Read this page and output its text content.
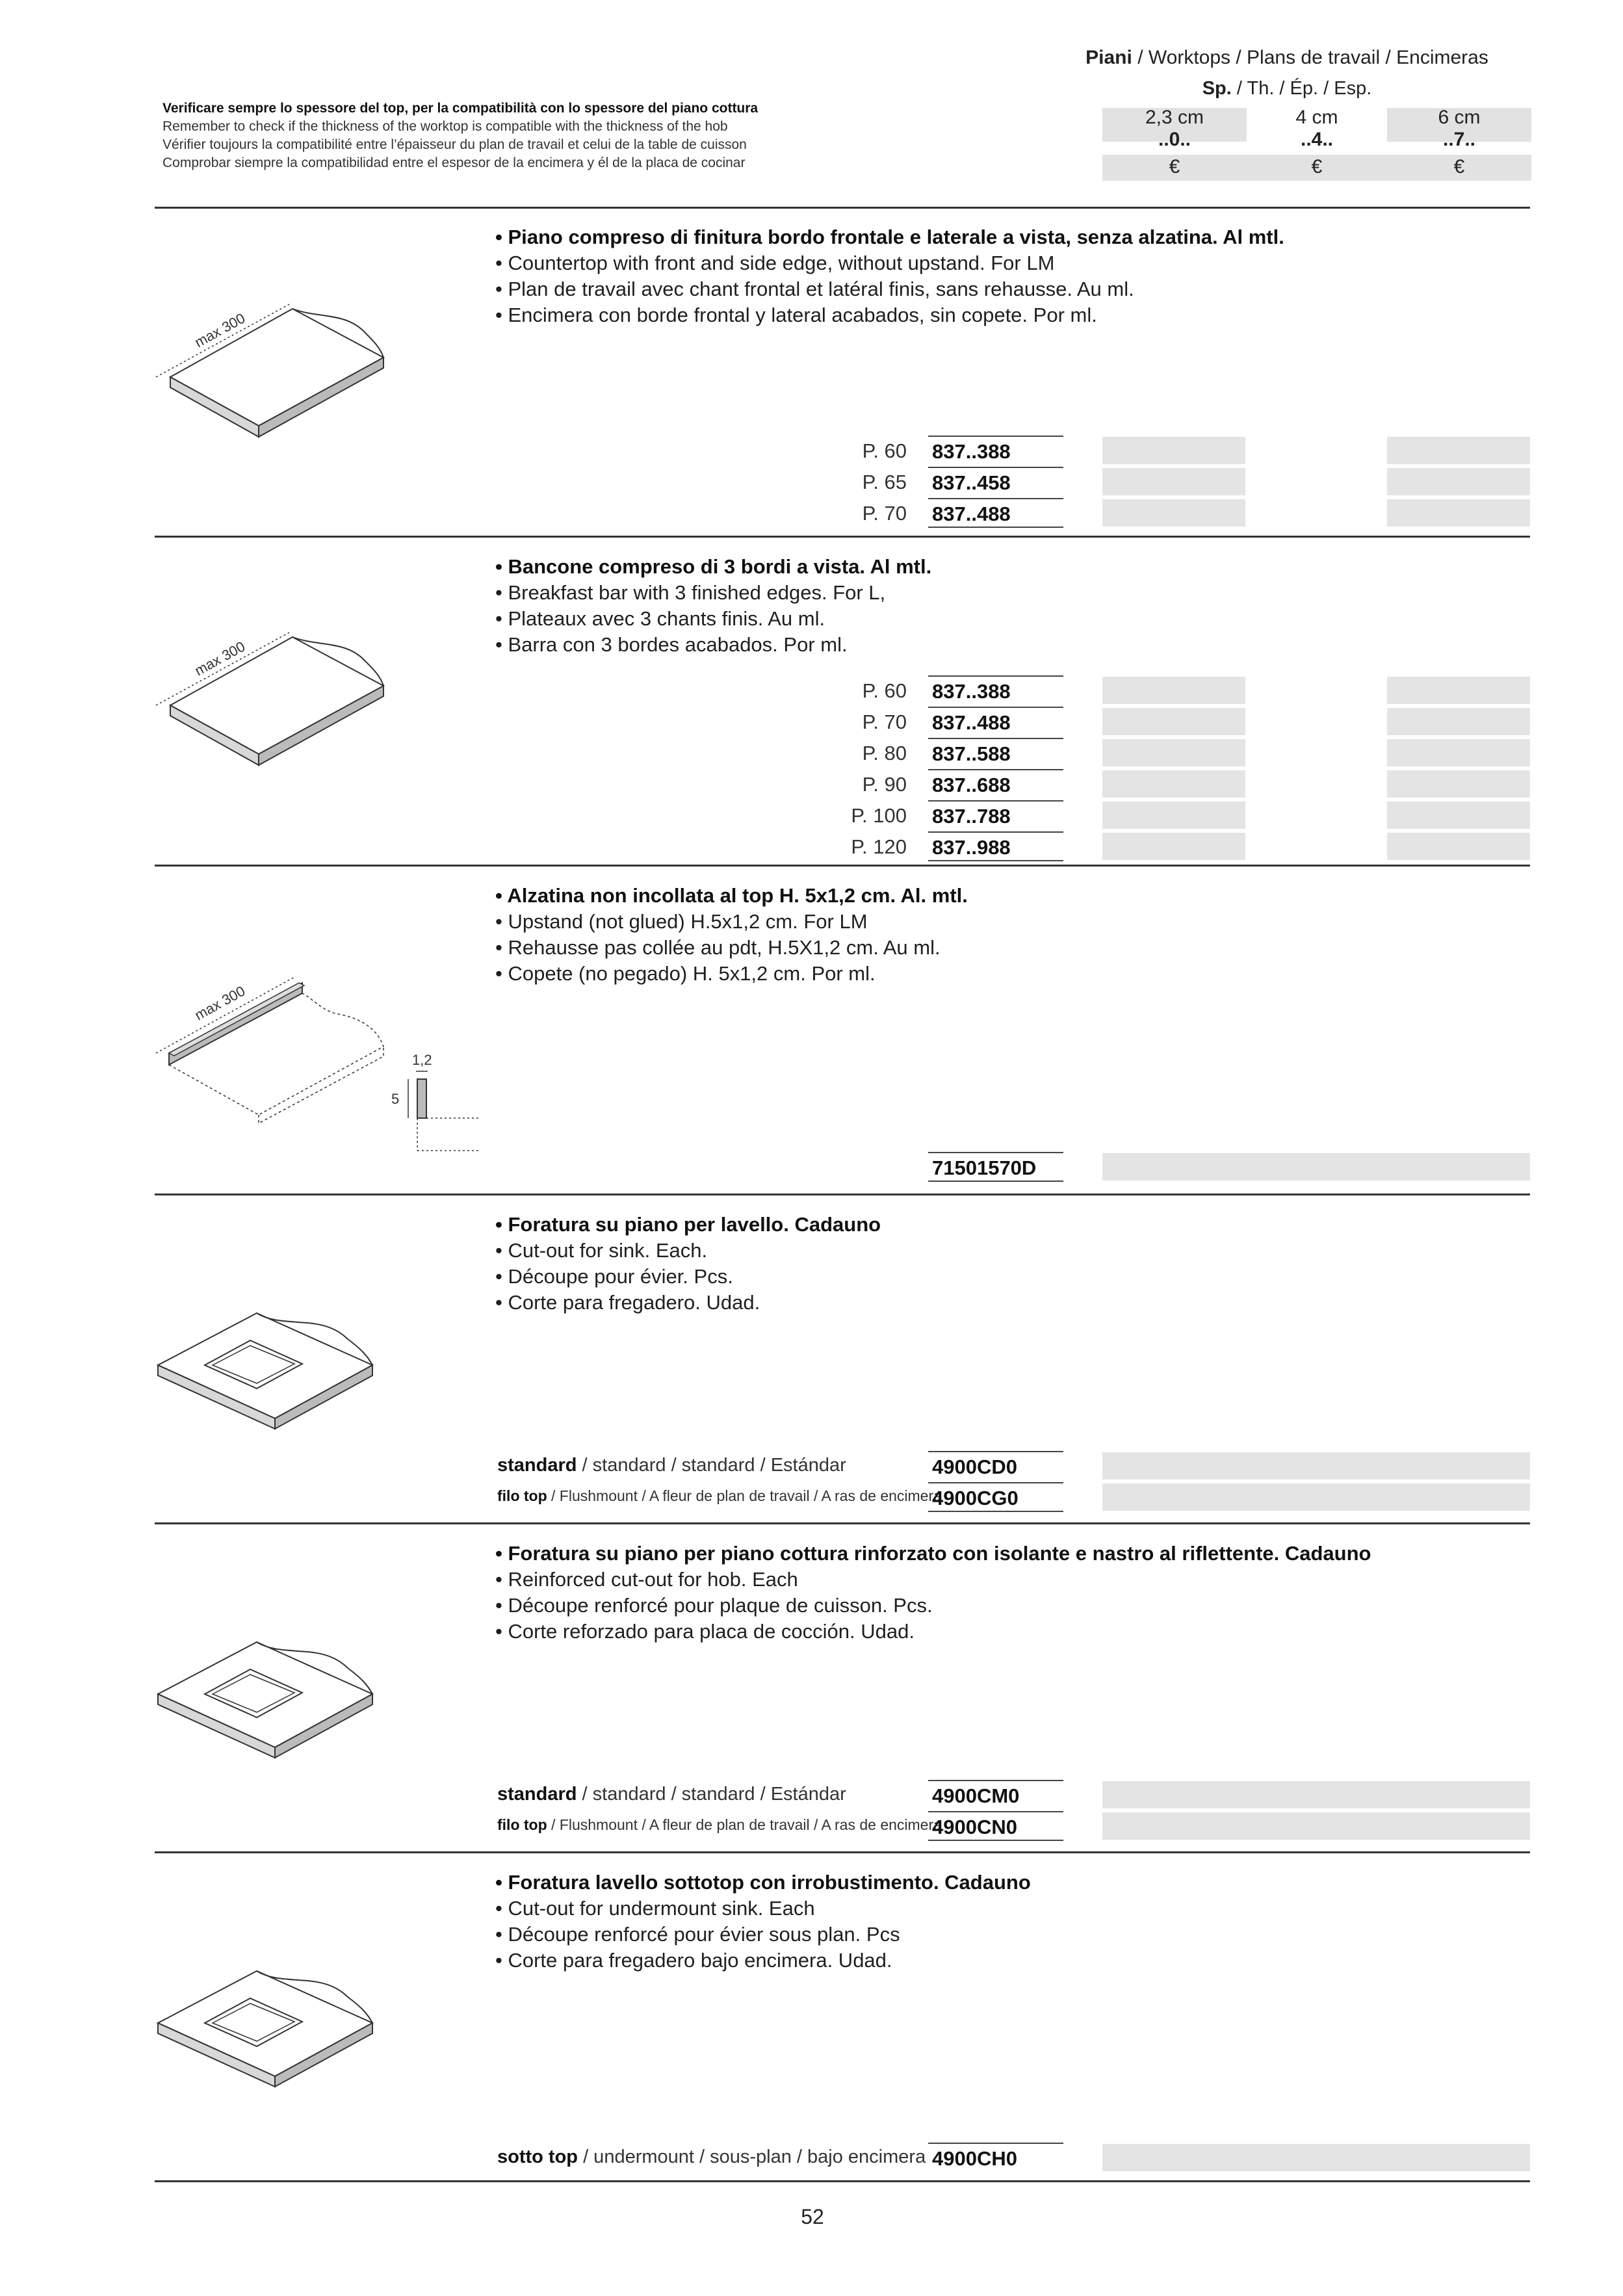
Piani / Worktops / Plans de travail / Encimeras
Sp. / Th. / Ép. / Esp.
Verificare sempre lo spessore del top, per la compatibilità con lo spessore del piano cottura
Remember to check if the thickness of the worktop is compatible with the thickness of the hob
Vérifier toujours la compatibilité entre l’épaisseur du plan de travail et celui de la table de cuisson
Comprobar siempre la compatibilidad entre el espesor de la encimera y él de la placa de cocinar
2,3 cm
..0..
€
4 cm
..4..
€
6 cm
..7..
€
max 300
• Piano compreso di finitura bordo frontale e laterale a vista, senza alzatina. Al mtl.
• Countertop with front and side edge, without upstand. For LM
• Plan de travail avec chant frontal et latéral finis, sans rehausse. Au ml.
• Encimera con borde frontal y lateral acabados, sin copete. Por ml.
P. 60 837..388
P. 65 837..458
P. 70 837..488
max 300
• Bancone compreso di 3 bordi a vista. Al mtl.
• Breakfast bar with 3 finished edges. For L,
• Plateaux avec 3 chants finis. Au ml.
• Barra con 3 bordes acabados. Por ml.
P. 60 837..388
P. 70 837..488
P. 80 837..588
P. 90 837..688
P. 100 837..788
P. 120 837..988
max 300
1,2
5
• Alzatina non incollata al top H. 5x1,2 cm. Al. mtl.
• Upstand (not glued) H.5x1,2 cm. For LM
• Rehausse pas collée au pdt, H.5X1,2 cm. Au ml.
• Copete (no pegado) H. 5x1,2 cm. Por ml.
71501570D
• Foratura su piano per lavello. Cadauno
• Cut-out for sink. Each.
• Découpe pour évier. Pcs.
• Corte para fregadero. Udad.
standard / standard / standard / Estándar	4900CD0
filo top / Flushmount / A fleur de plan de travail / A ras de encimera
4900CG0
• Foratura su piano per piano cottura rinforzato con isolante e nastro al riflettente. Cadauno
• Reinforced cut-out for hob. Each
• Découpe renforcé pour plaque de cuisson. Pcs.
• Corte reforzado para placa de cocción. Udad.
standard / standard / standard / Estándar	4900CM0
filo top / Flushmount / A fleur de plan de travail / A ras de encimera
4900CN0
• Foratura lavello sottotop con irrobustimento. Cadauno
• Cut-out for undermount sink. Each
• Découpe renforcé pour évier sous plan. Pcs
• Corte para fregadero bajo encimera. Udad.
sotto top / undermount / sous-plan / bajo encimera 4900CH0
52
